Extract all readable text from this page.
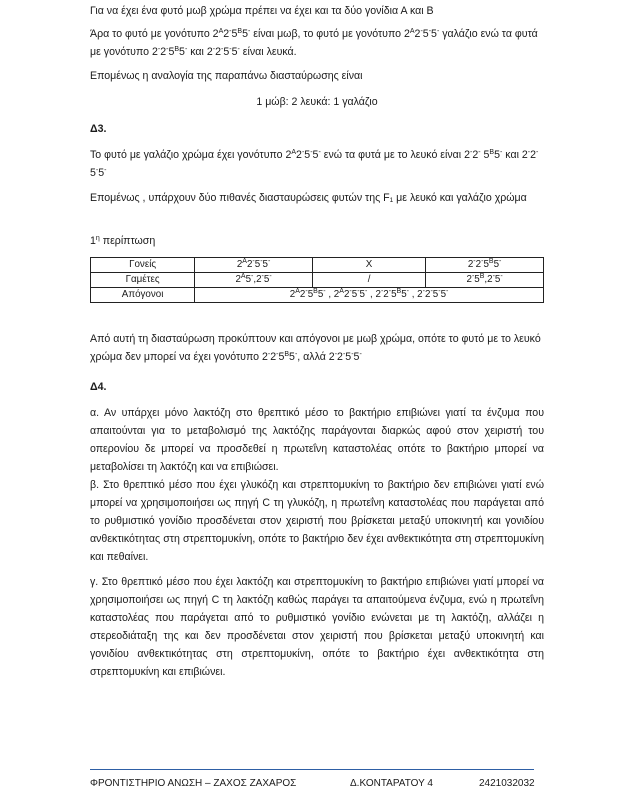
Για να έχει ένα φυτό μωβ χρώμα πρέπει να έχει και τα δύο γονίδια Α και Β

Άρα το φυτό με γονότυπο $2^A2^-5^B5^-$ είναι μωβ, το φυτό με γονότυπο $2^A2^-5^-5^-$ γαλάζιο ενώ τα φυτά με γονότυπο $2^-2^-5^B5^-$ και 2-2-5-5- είναι λευκά.

Επομένως η αναλογία της παραπάνω διασταύρωσης είναι

1 μώβ: 2 λευκά: 1 γαλάζιο

Δ3.

Το φυτό με γαλάζιο χρώμα έχει γονότυπο $2^A2^-5^-5^-$ ενώ τα φυτά με το λευκό είναι 2-2- $5^B5^-$ και 2-2-5-5-

Επομένως , υπάρχουν δύο πιθανές διασταυρώσεις φυτών της F₁ με λευκό και γαλάζιο χρώμα

$1^\eta$ περίπτωση

Γονείς	$2^A2^-5^-5^-$	X	$2^-2^-5^B5^-$
Γαμέτες	$2^A5^-,2^-5^-$	/	$2^-5^B,2^-5^-$
Απόγονοι	$2^A2^-5^B5^-$ , $2^A2^-5^-5^-$ , $2^-2^-5^B5^-$ , 2-2-5-5-

Από αυτή τη διασταύρωση προκύπτουν και απόγονοι με μωβ χρώμα, οπότε το φυτό με το λευκό χρώμα δεν μπορεί να έχει γονότυπο $2^-2^-5^B5^-$, αλλά 2-2-5-5-

Δ4.

α. Αν υπάρχει μόνο λακτόζη στο θρεπτικό μέσο το βακτήριο επιβιώνει γιατί τα ένζυμα που απαιτούνται για το μεταβολισμό της λακτόζης παράγονται διαρκώς αφού στον χειριστή του οπερονίου δε μπορεί να προσδεθεί η πρωτεΐνη καταστολέας οπότε το βακτήριο μπορεί να μεταβολίσει τη λακτόζη και να επιβιώσει.

β. Στο θρεπτικό μέσο που έχει γλυκόζη και στρεπτομυκίνη το βακτήριο δεν επιβιώνει γιατί ενώ μπορεί να χρησιμοποιήσει ως πηγή C τη γλυκόζη, η πρωτεΐνη καταστολέας που παράγεται από το ρυθμιστικό γονίδιο προσδένεται στον χειριστή που βρίσκεται μεταξύ υποκινητή και γονιδίου ανθεκτικότητας στη στρεπτομυκίνη, οπότε το βακτήριο δεν έχει ανθεκτικότητα στη στρεπτομυκίνη και πεθαίνει.

γ. Στο θρεπτικό μέσο που έχει λακτόζη και στρεπτομυκίνη το βακτήριο επιβιώνει γιατί μπορεί να χρησιμοποιήσει ως πηγή C τη λακτόζη καθώς παράγει τα απαιτούμενα ένζυμα, ενώ η πρωτεΐνη καταστολέας που παράγεται από το ρυθμιστικό γονίδιο ενώνεται με τη λακτόζη, αλλάζει η στερεοδιάταξη της και δεν προσδένεται στον χειριστή που βρίσκεται μεταξύ υποκινητή και γονιδίου ανθεκτικότητας στη στρεπτομυκίνη, οπότε το βακτήριο έχει ανθεκτικότητα στη στρεπτομυκίνη και επιβιώνει.

ΦΡΟΝΤΙΣΤΗΡΙΟ ΑΝΩΣΗ – ΖΑΧΟΣ ΖΑΧΑΡΟΣ	Δ.ΚΟΝΤΑΡΑΤΟΥ 4	2421032032
